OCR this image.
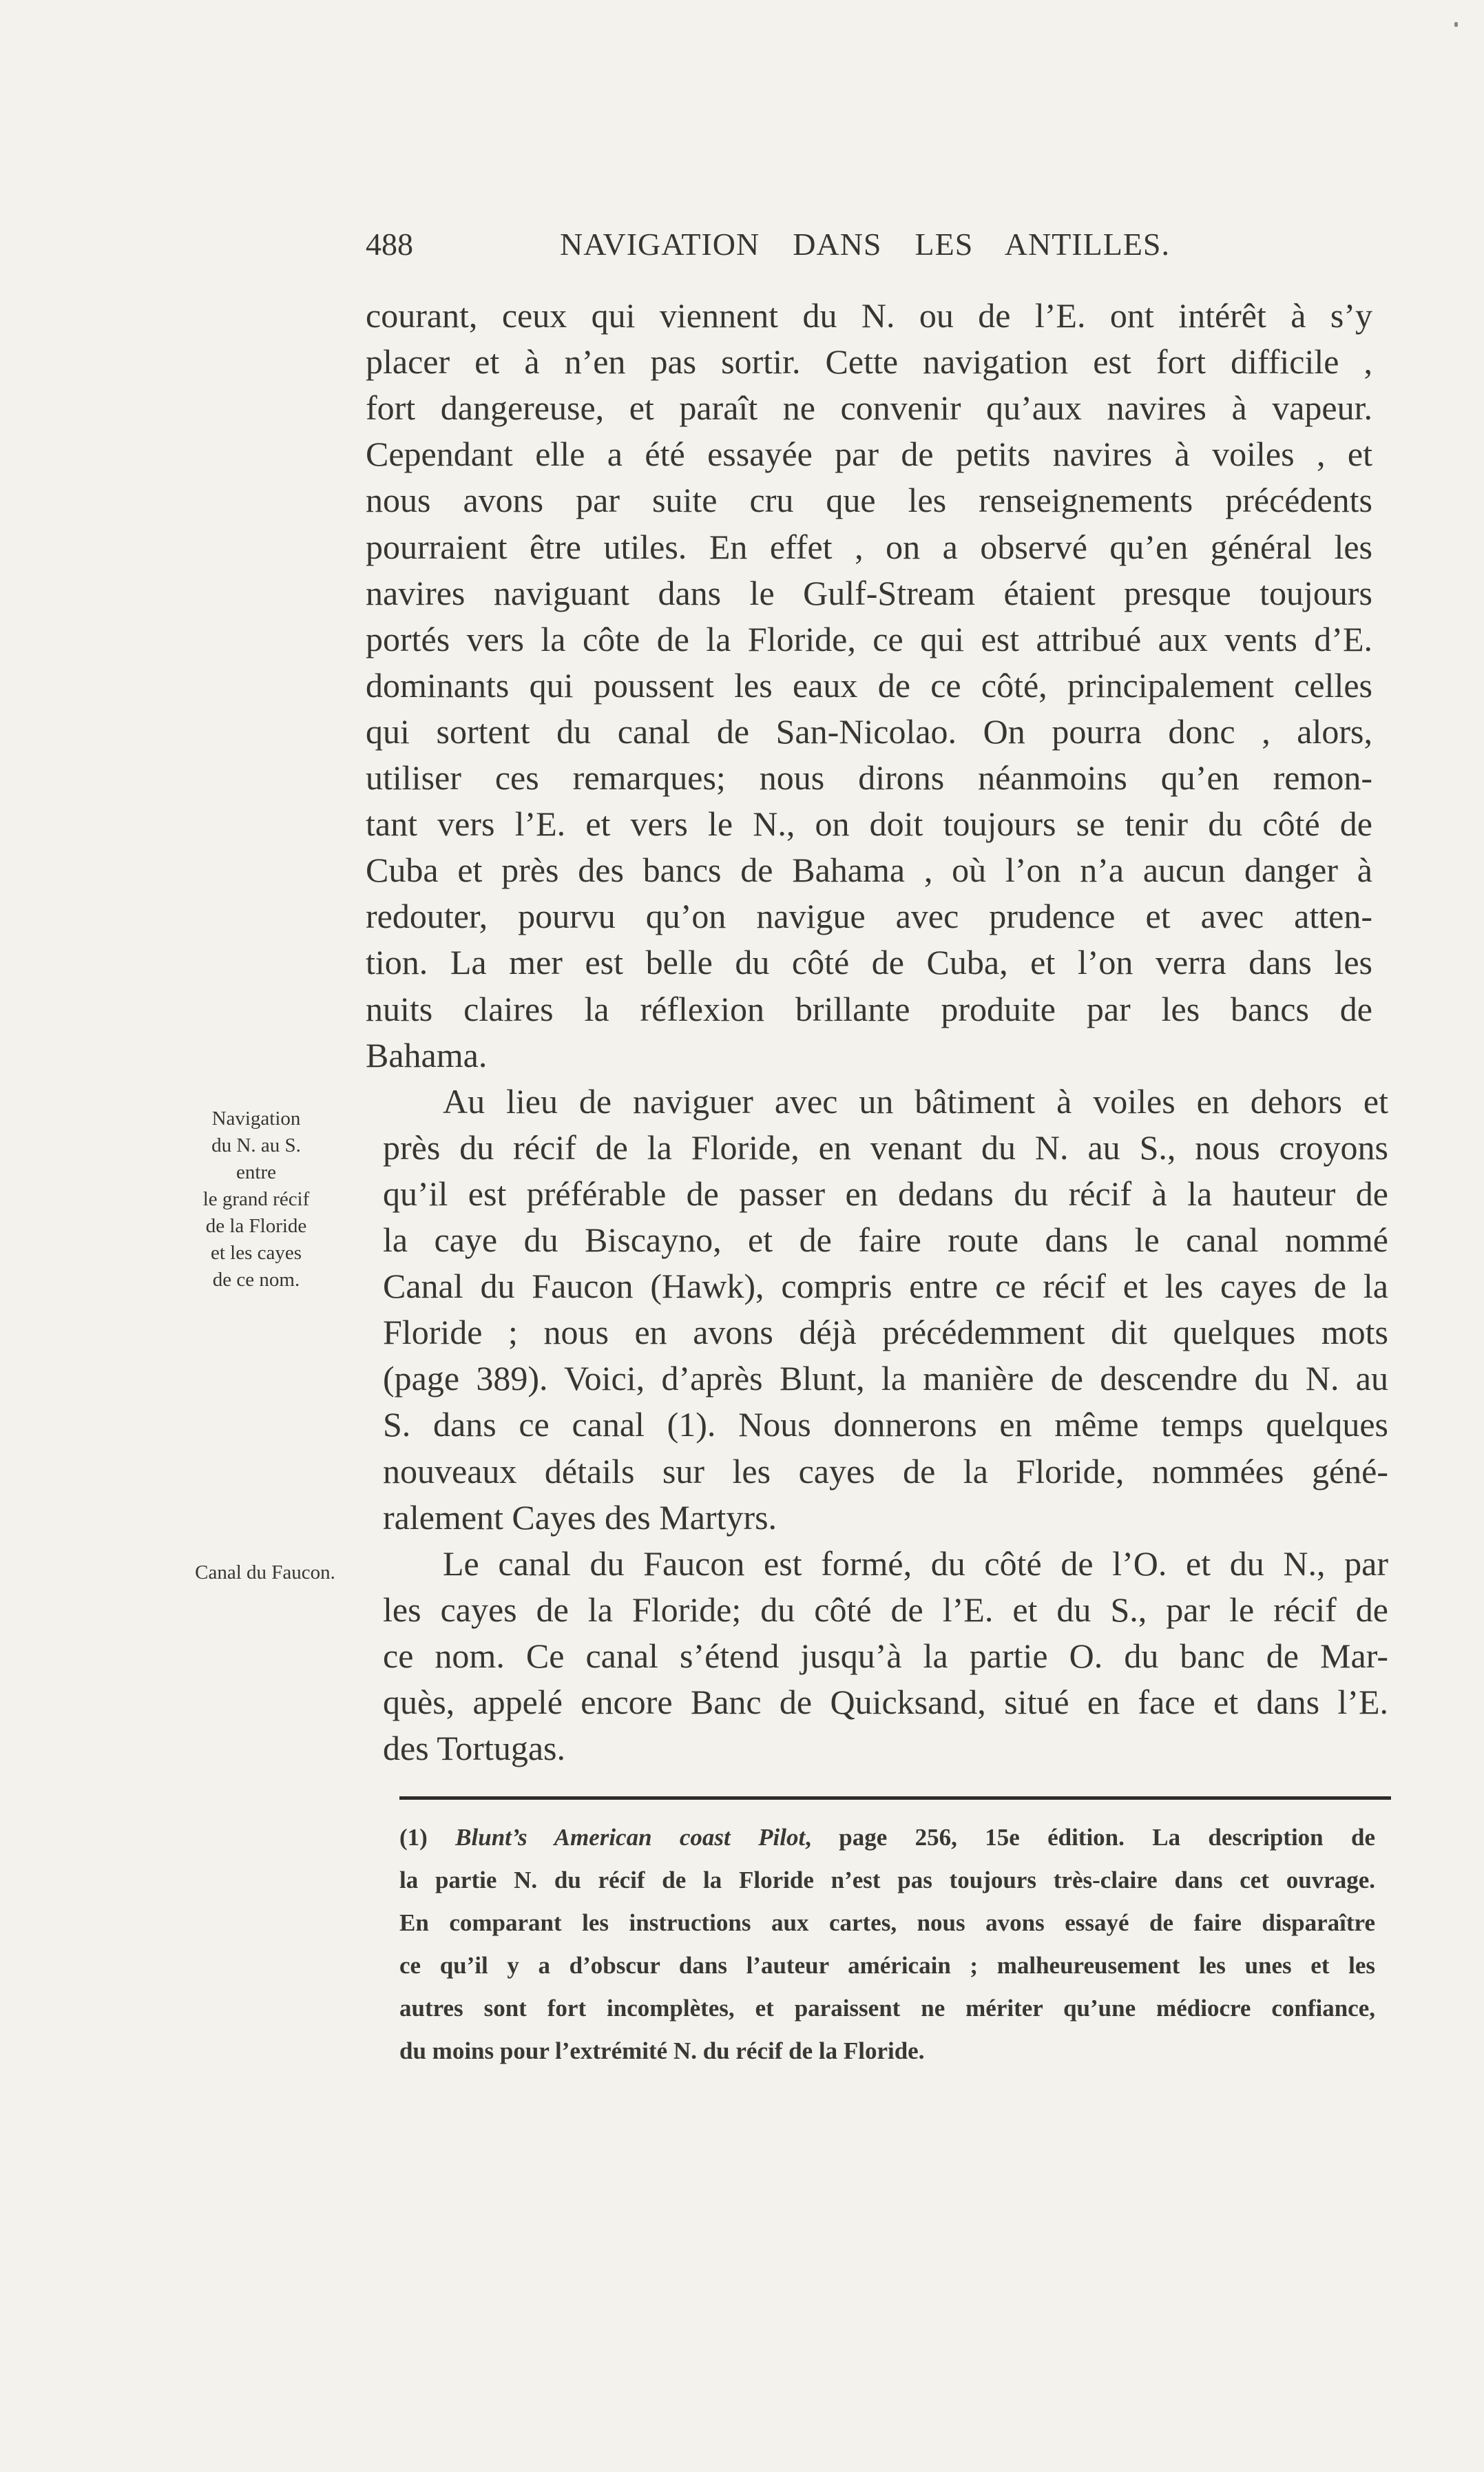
488	NAVIGATION DANS LES ANTILLES.
courant, ceux qui viennent du N. ou de l’E. ont intérêt à s’y
placer et à n’en pas sortir. Cette navigation est fort difficile ,
fort dangereuse, et paraît ne convenir qu’aux navires à vapeur.
Cependant elle a été essayée par de petits navires à voiles , et
nous avons par suite cru que les renseignements précédents
pourraient être utiles. En effet , on a observé qu’en général les
navires naviguant dans le Gulf-Stream étaient presque toujours
portés vers la côte de la Floride, ce qui est attribué aux vents d’E.
dominants qui poussent les eaux de ce côté, principalement celles
qui sortent du canal de San-Nicolao. On pourra donc , alors,
utiliser ces remarques; nous dirons néanmoins qu’en remon-
tant vers l’E. et vers le N., on doit toujours se tenir du côté de
Cuba et près des bancs de Bahama , où l’on n’a aucun danger à
redouter, pourvu qu’on navigue avec prudence et avec atten-
tion. La mer est belle du côté de Cuba, et l’on verra dans les
nuits claires la réflexion brillante produite par les bancs de
Bahama.
Au lieu de naviguer avec un bâtiment à voiles en dehors et
près du récif de la Floride, en venant du N. au S., nous croyons
qu’il est préférable de passer en dedans du récif à la hauteur de
la caye du Biscayno, et de faire route dans le canal nommé
Canal du Faucon (Hawk), compris entre ce récif et les cayes de la
Floride ; nous en avons déjà précédemment dit quelques mots
(page 389). Voici, d’après Blunt, la manière de descendre du N. au
S. dans ce canal (1). Nous donnerons en même temps quelques
nouveaux détails sur les cayes de la Floride, nommées géné-
ralement Cayes des Martyrs.
Le canal du Faucon est formé, du côté de l’O. et du N., par
les cayes de la Floride; du côté de l’E. et du S., par le récif de
ce nom. Ce canal s’étend jusqu’à la partie O. du banc de Mar-
quès, appelé encore Banc de Quicksand, situé en face et dans l’E.
des Tortugas.
Navigation
du N. au S.
entre
le grand récif
de la Floride
et les cayes
de ce nom.
Canal du Faucon.
(1) Blunt’s American coast Pilot, page 256, 15e édition. La description de
la partie N. du récif de la Floride n’est pas toujours très-claire dans cet ouvrage.
En comparant les instructions aux cartes, nous avons essayé de faire disparaître
ce qu’il y a d’obscur dans l’auteur américain ; malheureusement les unes et les
autres sont fort incomplètes, et paraissent ne mériter qu’une médiocre confiance,
du moins pour l’extrémité N. du récif de la Floride.
